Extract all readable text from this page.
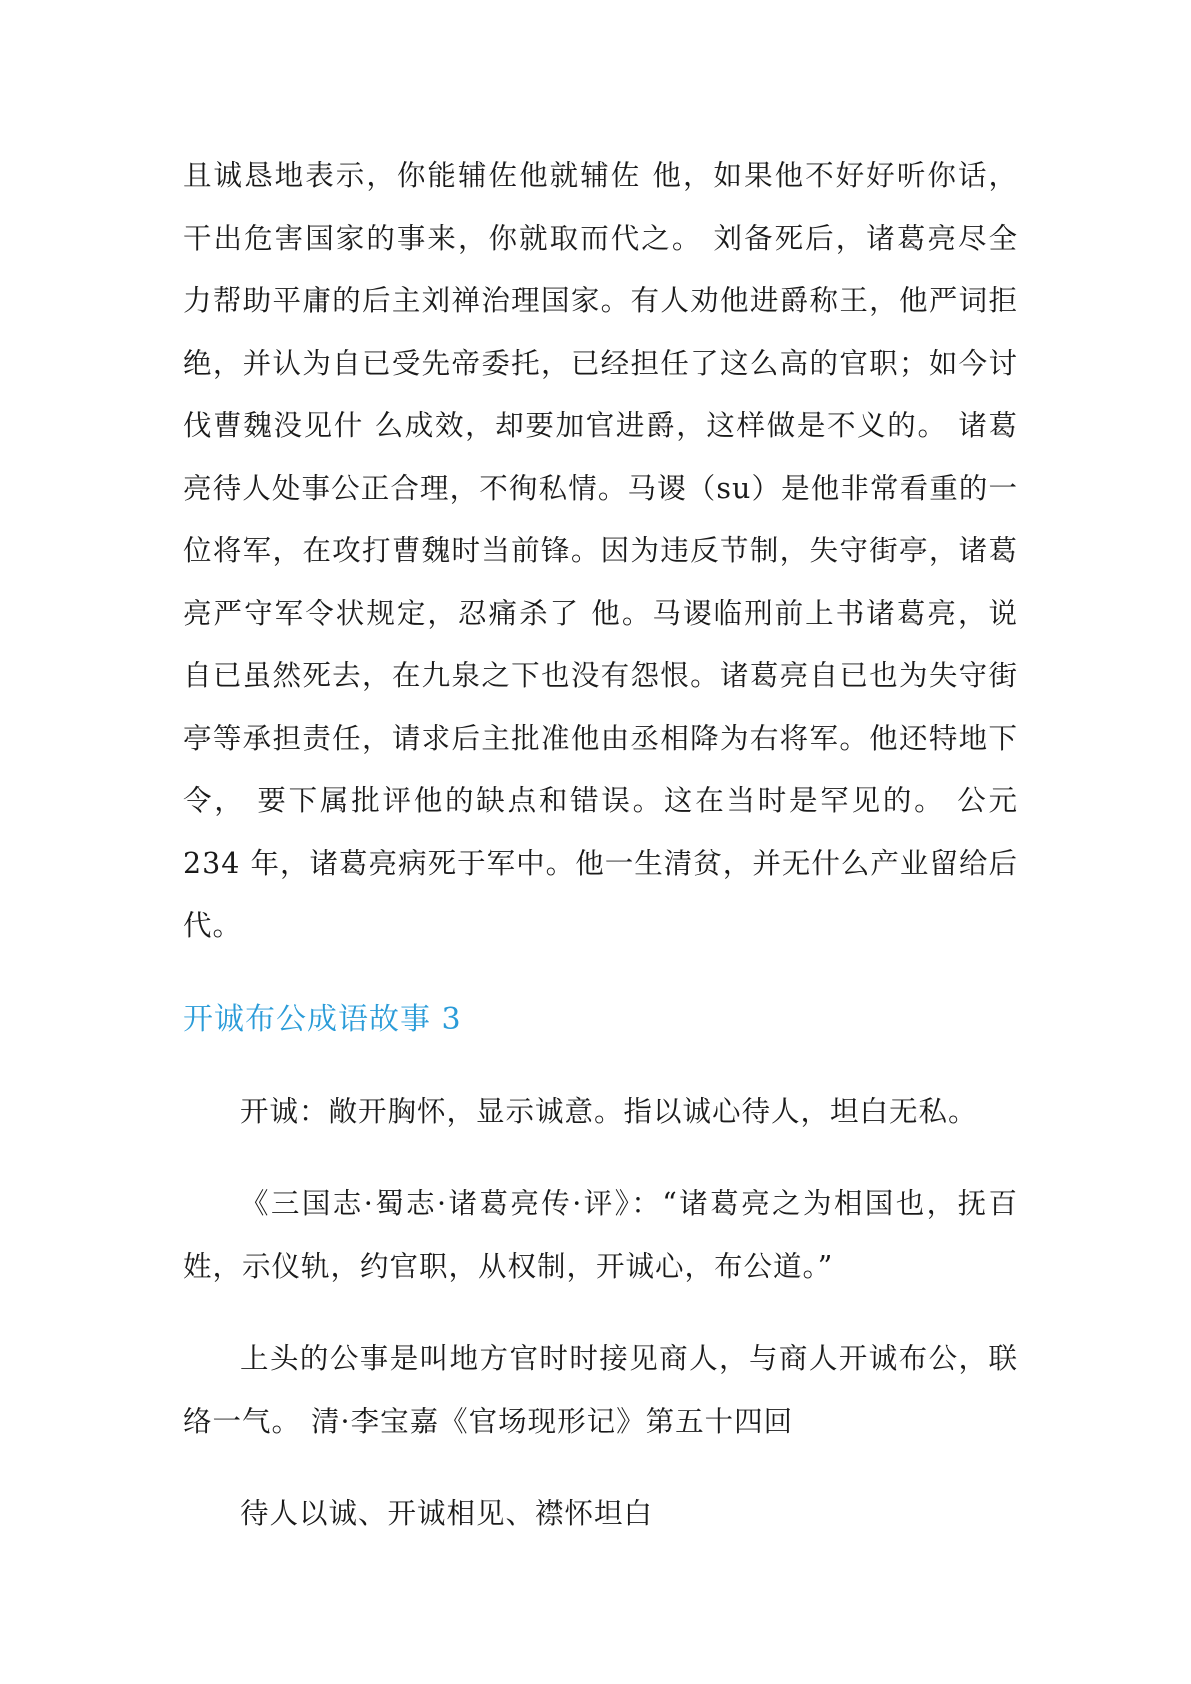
且诚恳地表示，你能辅佐他就辅佐 他，如果他不好好听你话，干出危害国家的事来，你就取而代之。 刘备死后，诸葛亮尽全力帮助平庸的后主刘禅治理国家。有人劝他进爵称王，他严词拒绝，并认为自已受先帝委托，已经担任了这么高的官职；如今讨伐曹魏没见什 么成效，却要加官进爵，这样做是不义的。 诸葛亮待人处事公正合理，不徇私情。马谡（su）是他非常看重的一位将军，在攻打曹魏时当前锋。因为违反节制，失守街亭，诸葛亮严守军令状规定，忍痛杀了 他。马谡临刑前上书诸葛亮，说自已虽然死去，在九泉之下也没有怨恨。诸葛亮自已也为失守街亭等承担责任，请求后主批准他由丞相降为右将军。他还特地下令， 要下属批评他的缺点和错误。这在当时是罕见的。 公元234 年，诸葛亮病死于军中。他一生清贫，并无什么产业留给后代。

开诚布公成语故事 3

开诚：敞开胸怀，显示诚意。指以诚心待人，坦白无私。

《三国志·蜀志·诸葛亮传·评》：“诸葛亮之为相国也，抚百姓，示仪轨，约官职，从权制，开诚心，布公道。”

上头的公事是叫地方官时时接见商人，与商人开诚布公，联络一气。 清·李宝嘉《官场现形记》第五十四回

待人以诚、开诚相见、襟怀坦白
